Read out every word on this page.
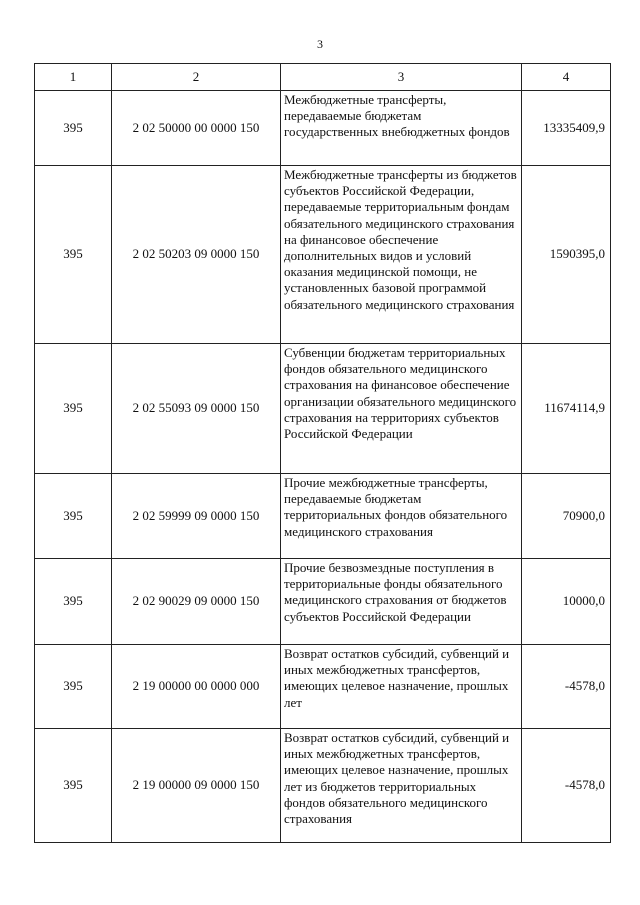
3
1	2	3	4
395	2 02 50000 00 0000 150	Межбюджетные трансферты, передаваемые бюджетам государственных внебюджетных фондов	13335409,9
395	2 02 50203 09 0000 150	Межбюджетные трансферты из бюджетов субъектов Российской Федерации, передаваемые территориальным фондам обязательного медицинского страхования на финансовое обеспечение дополнительных видов и условий оказания медицинской помощи, не установленных базовой программой обязательного медицинского страхования	1590395,0
395	2 02 55093 09 0000 150	Субвенции бюджетам территориальных фондов обязательного медицинского страхования на финансовое обеспечение организации обязательного медицинского страхования на территориях субъектов Российской Федерации	11674114,9
395	2 02 59999 09 0000 150	Прочие межбюджетные трансферты, передаваемые бюджетам территориальных фондов обязательного медицинского страхования	70900,0
395	2 02 90029 09 0000 150	Прочие безвозмездные поступления в территориальные фонды обязательного медицинского страхования от бюджетов субъектов Российской Федерации	10000,0
395	2 19 00000 00 0000 000	Возврат остатков субсидий, субвенций и иных межбюджетных трансфертов, имеющих целевое назначение, прошлых лет	-4578,0
395	2 19 00000 09 0000 150	Возврат остатков субсидий, субвенций и иных межбюджетных трансфертов, имеющих целевое назначение, прошлых лет из бюджетов территориальных фондов обязательного медицинского страхования	-4578,0
